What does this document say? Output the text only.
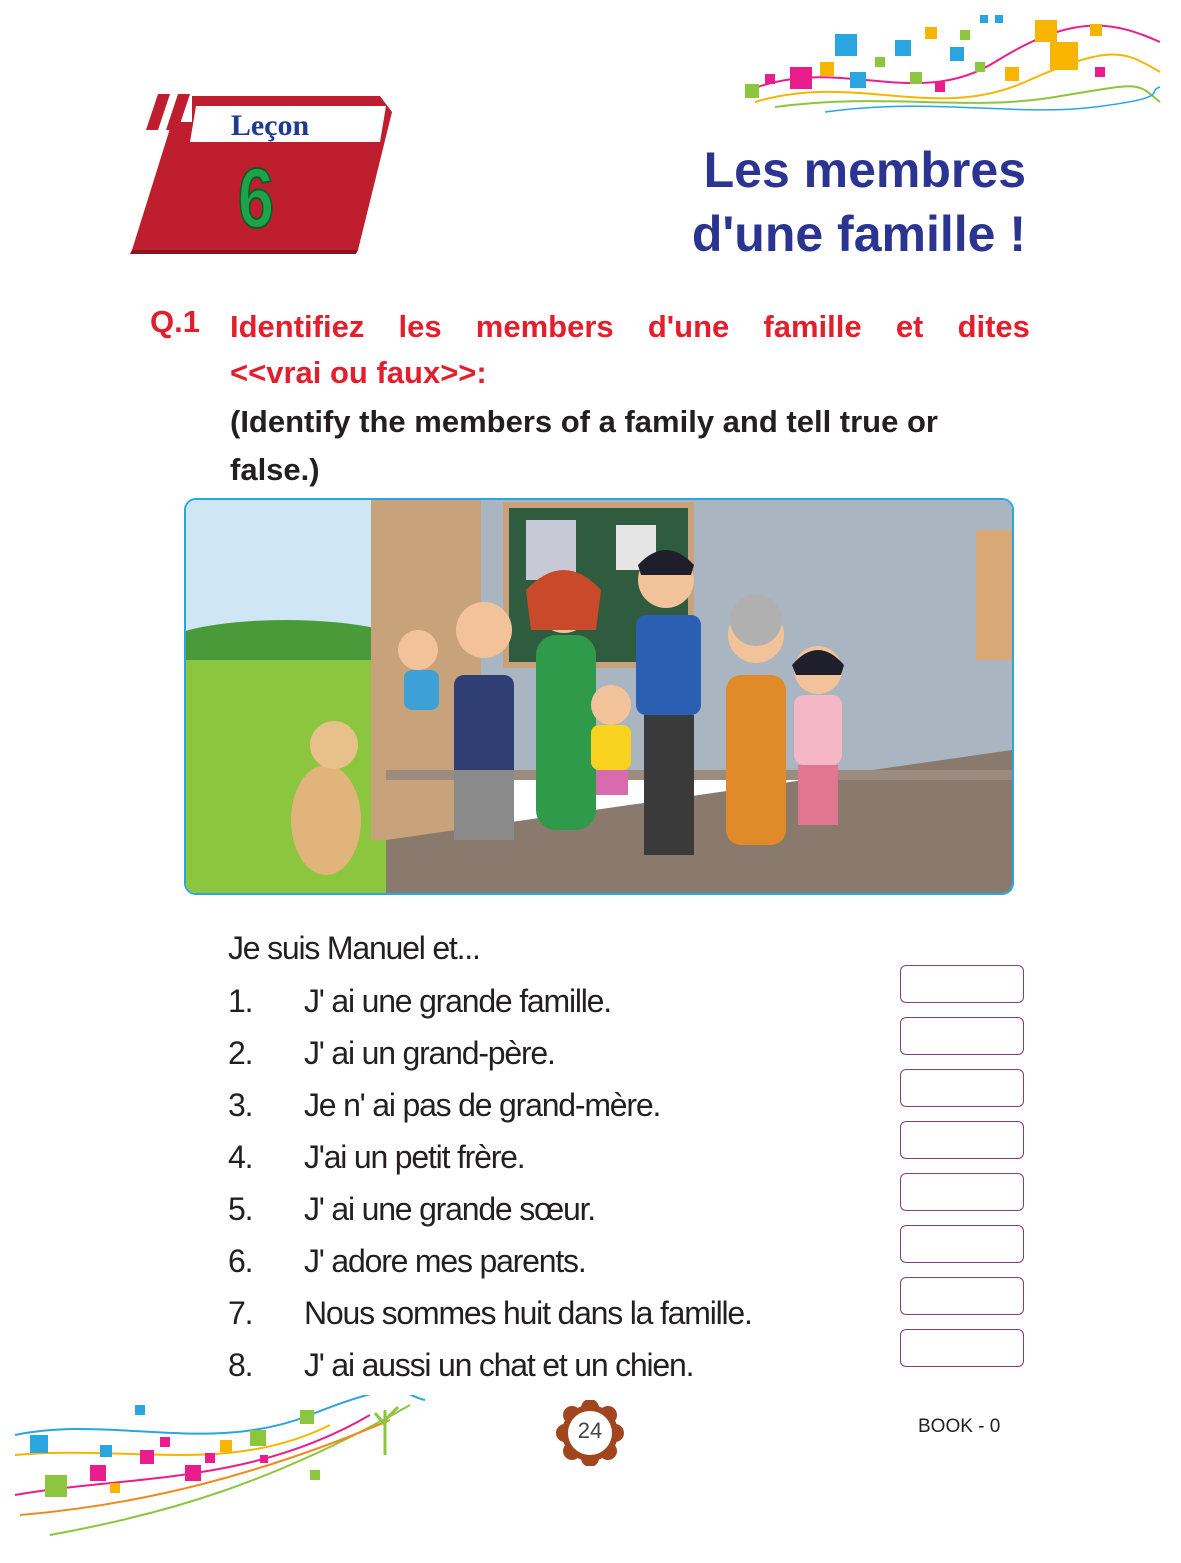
Leçon
6	Les membres
d'une famille !
Q.1 Identifiez les members d'une famille et dites
<<vrai ou faux>>:
(Identify the members of a family and tell true or
false.)
Je suis Manuel et...
1. J' ai une grande famille.
2. J' ai un grand-père.
3. Je n' ai pas de grand-mère.
4. J'ai un petit frère.
5. J' ai une grande sœur.
6. J' adore mes parents.
7. Nous sommes huit dans la famille.
8. J' ai aussi un chat et un chien.
24	BOOK - 0
